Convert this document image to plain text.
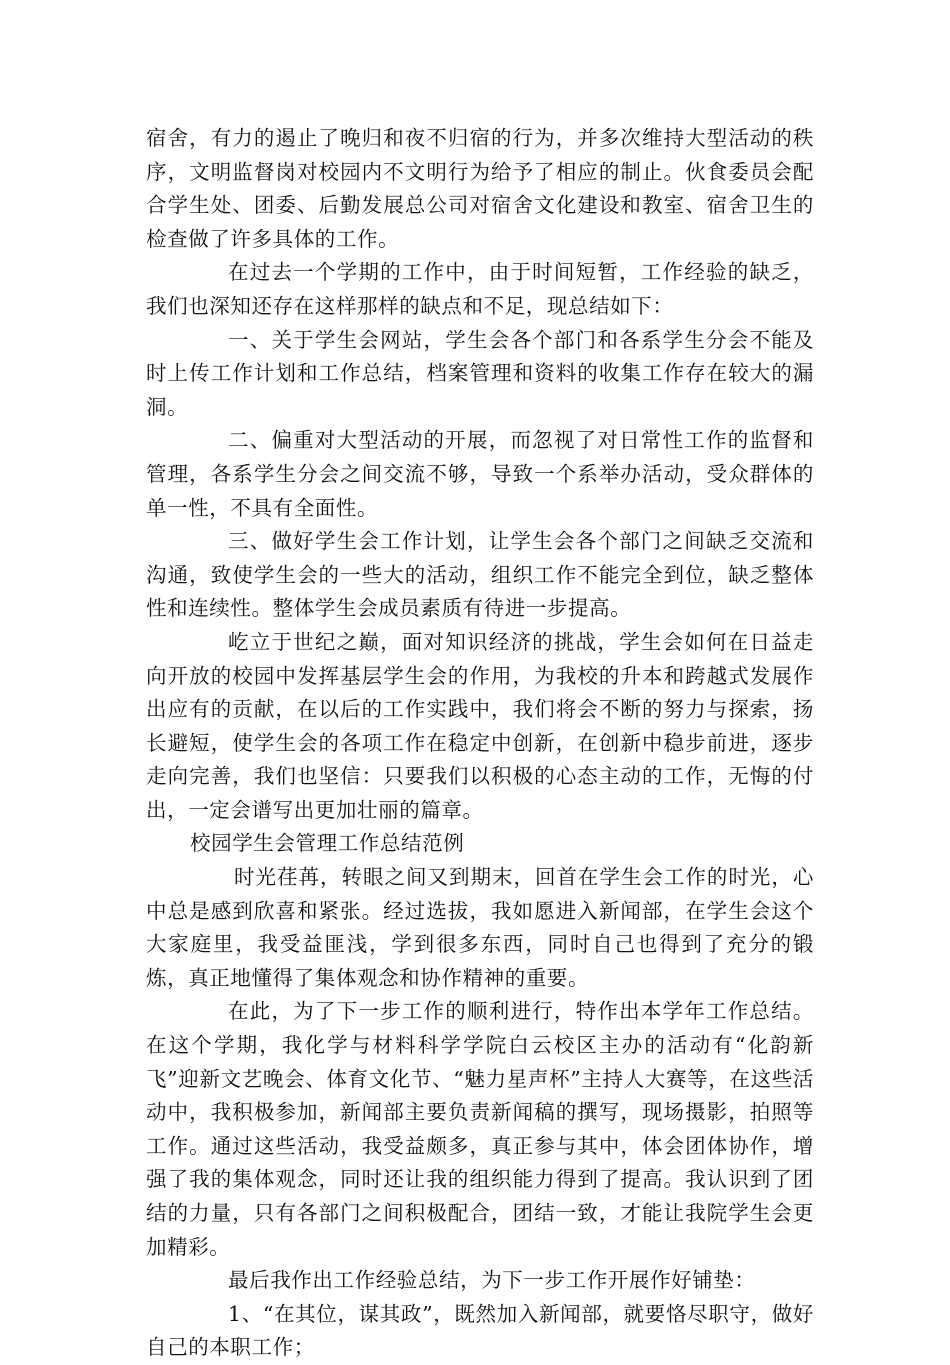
宿舍，有力的遏止了晚归和夜不归宿的行为，并多次维持大型活动的秩序，文明监督岗对校园内不文明行为给予了相应的制止。伙食委员会配合学生处、团委、后勤发展总公司对宿舍文化建设和教室、宿舍卫生的检查做了许多具体的工作。

在过去一个学期的工作中，由于时间短暂，工作经验的缺乏，我们也深知还存在这样那样的缺点和不足，现总结如下：

一、关于学生会网站，学生会各个部门和各系学生分会不能及时上传工作计划和工作总结，档案管理和资料的收集工作存在较大的漏洞。

二、偏重对大型活动的开展，而忽视了对日常性工作的监督和管理，各系学生分会之间交流不够，导致一个系举办活动，受众群体的单一性，不具有全面性。

三、做好学生会工作计划，让学生会各个部门之间缺乏交流和沟通，致使学生会的一些大的活动，组织工作不能完全到位，缺乏整体性和连续性。整体学生会成员素质有待进一步提高。

屹立于世纪之巅，面对知识经济的挑战，学生会如何在日益走向开放的校园中发挥基层学生会的作用，为我校的升本和跨越式发展作出应有的贡献，在以后的工作实践中，我们将会不断的努力与探索，扬长避短，使学生会的各项工作在稳定中创新，在创新中稳步前进，逐步走向完善，我们也坚信：只要我们以积极的心态主动的工作，无悔的付出，一定会谱写出更加壮丽的篇章。

校园学生会管理工作总结范例

时光荏苒，转眼之间又到期末，回首在学生会工作的时光，心中总是感到欣喜和紧张。经过选拔，我如愿进入新闻部，在学生会这个大家庭里，我受益匪浅，学到很多东西，同时自己也得到了充分的锻炼，真正地懂得了集体观念和协作精神的重要。

在此，为了下一步工作的顺利进行，特作出本学年工作总结。在这个学期，我化学与材料科学学院白云校区主办的活动有“化韵新飞”迎新文艺晚会、体育文化节、“魅力星声杯”主持人大赛等，在这些活动中，我积极参加，新闻部主要负责新闻稿的撰写，现场摄影，拍照等工作。通过这些活动，我受益颇多，真正参与其中，体会团体协作，增强了我的集体观念，同时还让我的组织能力得到了提高。我认识到了团结的力量，只有各部门之间积极配合，团结一致，才能让我院学生会更加精彩。

最后我作出工作经验总结，为下一步工作开展作好铺垫：

1、“在其位，谋其政”，既然加入新闻部，就要恪尽职守，做好自己的本职工作；
